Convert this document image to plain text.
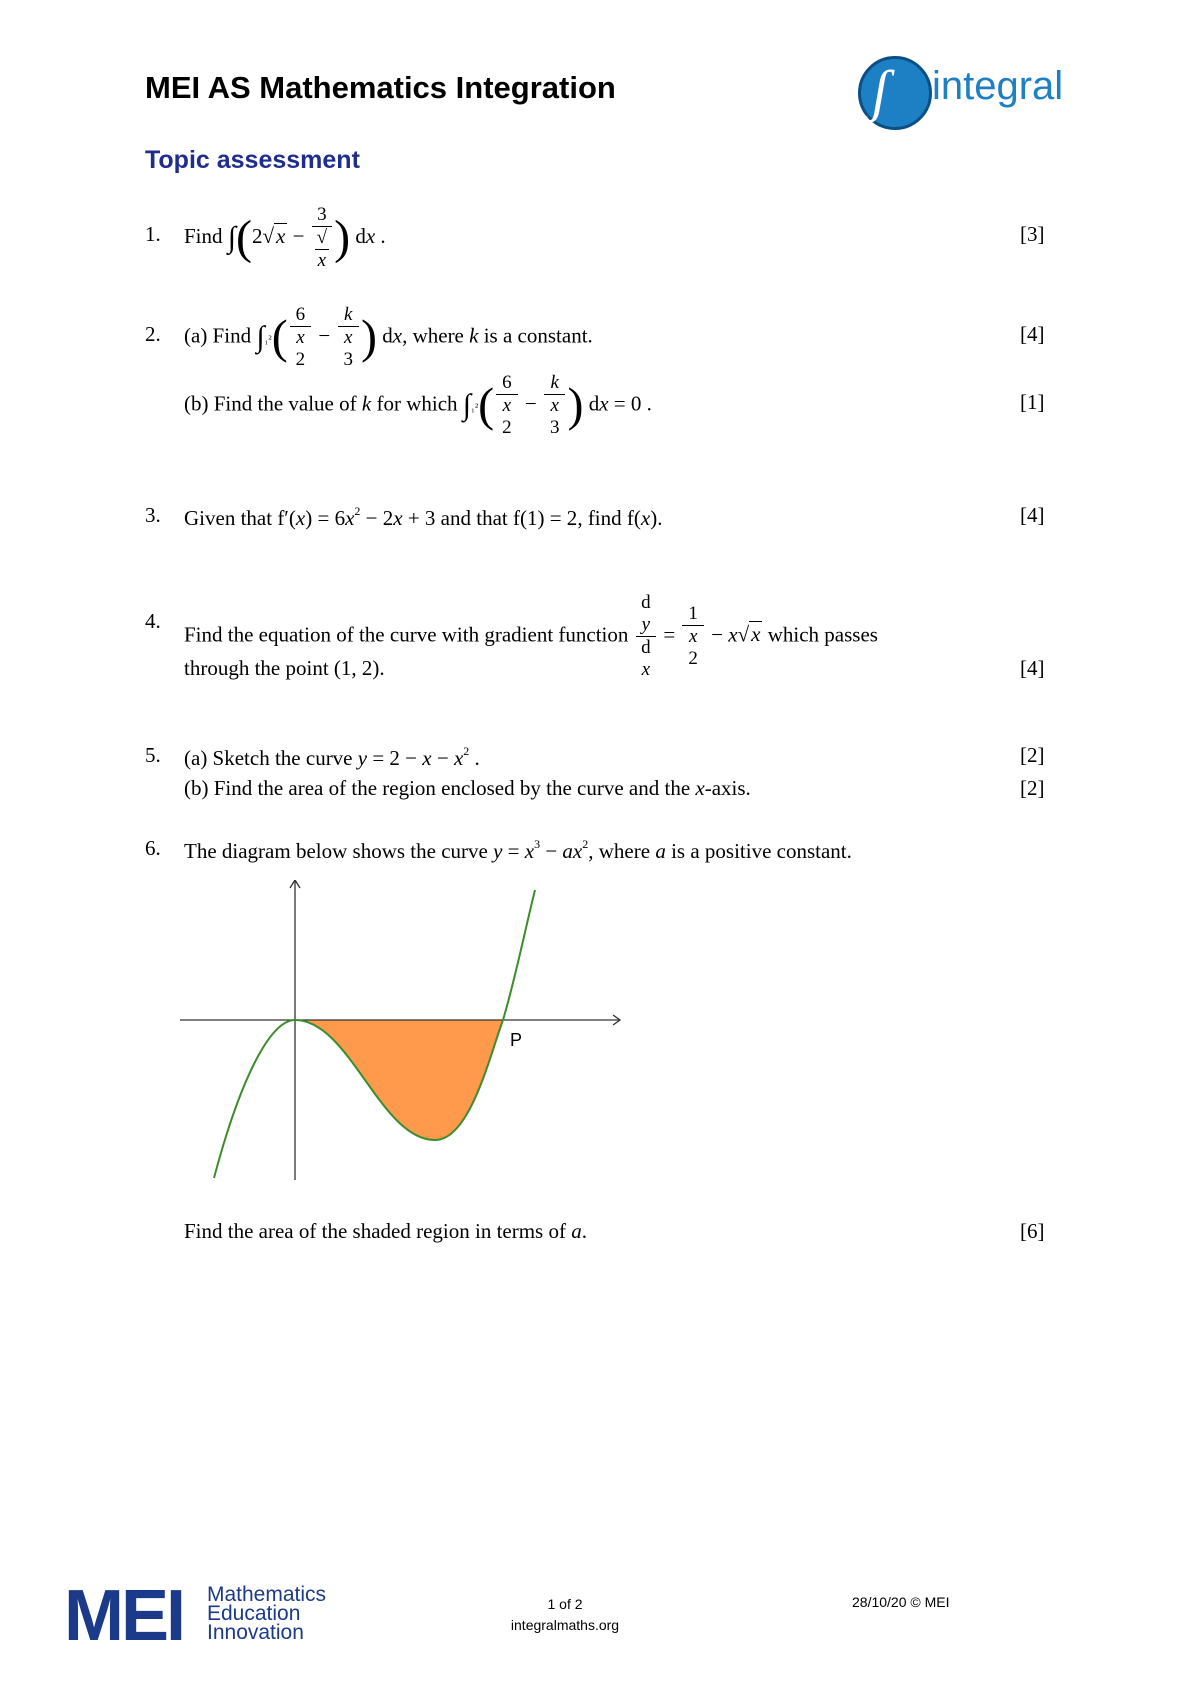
MEI AS Mathematics Integration	ʃ integral
Topic assessment
1. Find ∫(2√x − 3
√
x ) dx .	[3]
2. (a) Find ∫₁²( 6
x
2 − k
x
3 ) dx, where k is a constant.	[4]
(b) Find the value of k for which ∫₁²( 6
x
2 − k
x
3 ) dx = 0 .	[1]
3. Given that $f'(x) = 6x^2 - 2x + 3$ and that f(1) = 2, find f(x).	[4]
4.
Find the equation of the curve with gradient function d
y
d
x = 1
x
2 − x√x which passes
through the point (1, 2).	[4]
5. (a) Sketch the curve $y = 2 - x - x^2$ .	[2]
(b) Find the area of the region enclosed by the curve and the x-axis.	[2]
6. The diagram below shows the curve $y = x^3 - ax^2$, where a is a positive constant.
P
Find the area of the shaded region in terms of a.	[6]
MEI Mathematics
Education
Innovation
1 of 2
integralmaths.org
28/10/20 © MEI
